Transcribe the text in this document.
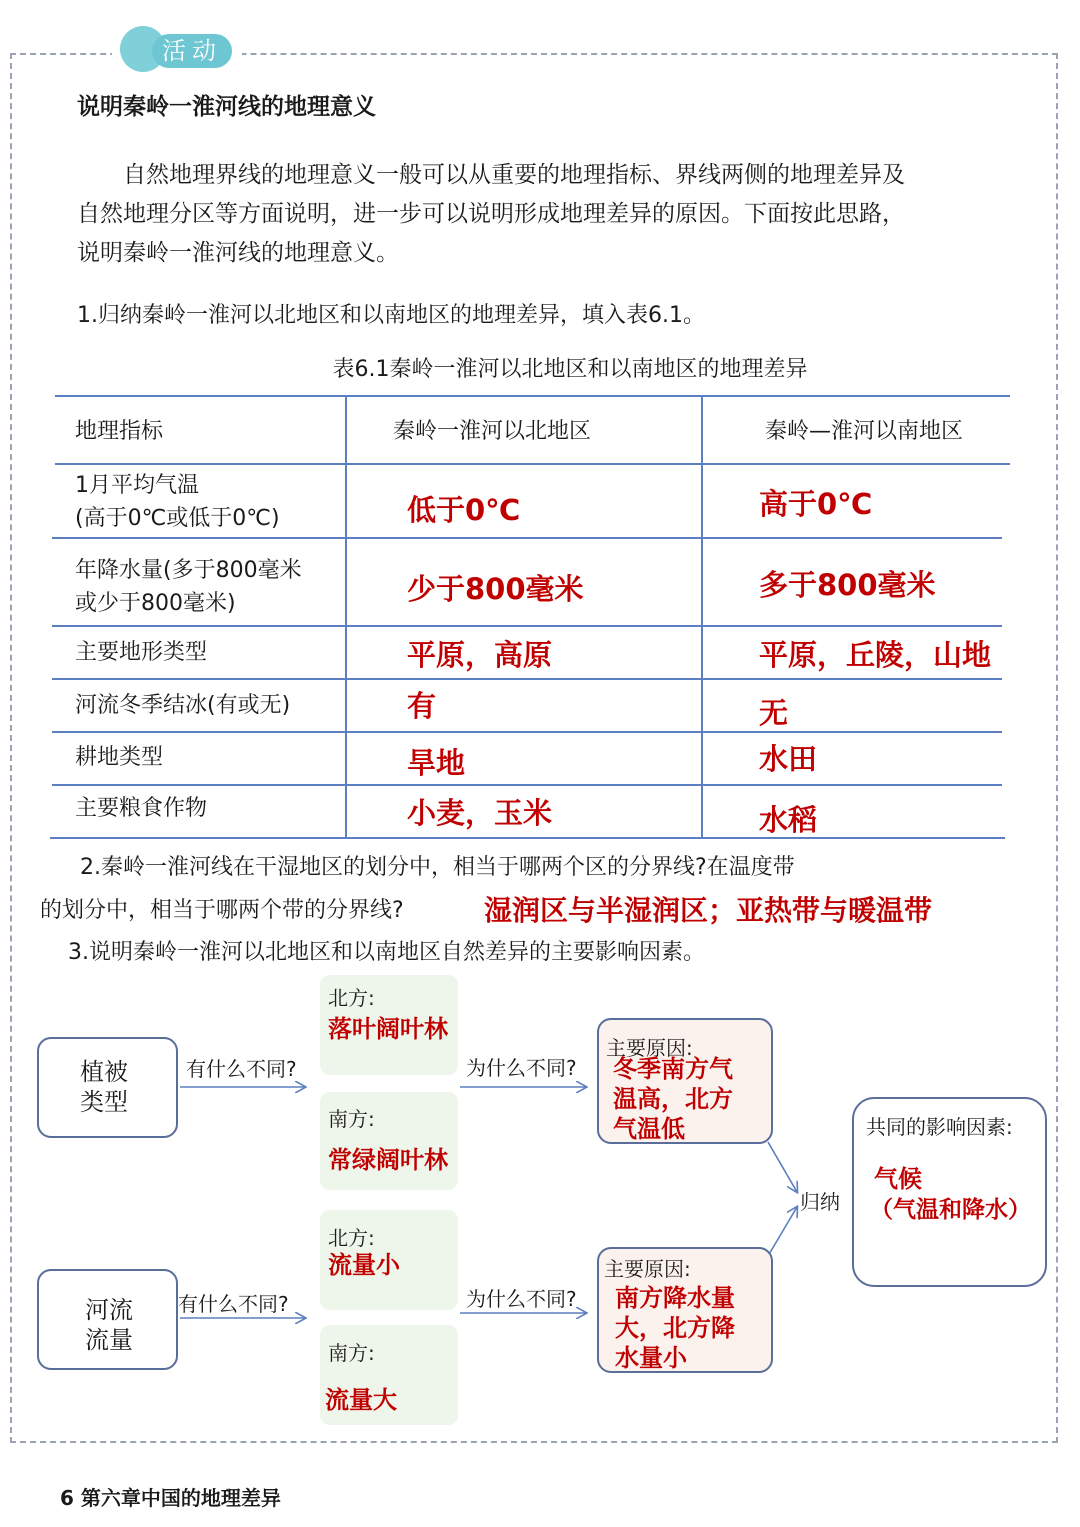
活动
说明秦岭一淮河线的地理意义
自然地理界线的地理意义一般可以从重要的地理指标、界线两侧的地理差异及
自然地理分区等方面说明，进一步可以说明形成地理差异的原因。下面按此思路，
说明秦岭一淮河线的地理意义。
1.归纳秦岭一淮河以北地区和以南地区的地理差异，填入表6.1。
表6.1秦岭一淮河以北地区和以南地区的地理差异
地理指标	秦岭一淮河以北地区	秦岭—淮河以南地区
1月平均气温
(高于0℃或低于0℃)	低于0℃	高于0℃
年降水量(多于800毫米
或少于800毫米)	少于800毫米	多于800毫米
主要地形类型	平原，高原	平原，丘陵，山地
河流冬季结冰(有或无)	有	无
耕地类型	旱地	水田
主要粮食作物	小麦，玉米	水稻
2.秦岭一淮河线在干湿地区的划分中，相当于哪两个区的分界线?在温度带
的划分中，相当于哪两个带的分界线?	湿润区与半湿润区；亚热带与暖温带
3.说明秦岭一淮河以北地区和以南地区自然差异的主要影响因素。
植被
类型
有什么不同?
北方:
落叶阔叶林
南方:
常绿阔叶林
为什么不同?
主要原因:
冬季南方气
温高，北方
气温低
河流
流量
有什么不同?
北方:
流量小
南方:
流量大
为什么不同?
主要原因:
南方降水量
大，北方降
水量小
归纳
共同的影响因素:
气候
（气温和降水）
6 第六章中国的地理差异
